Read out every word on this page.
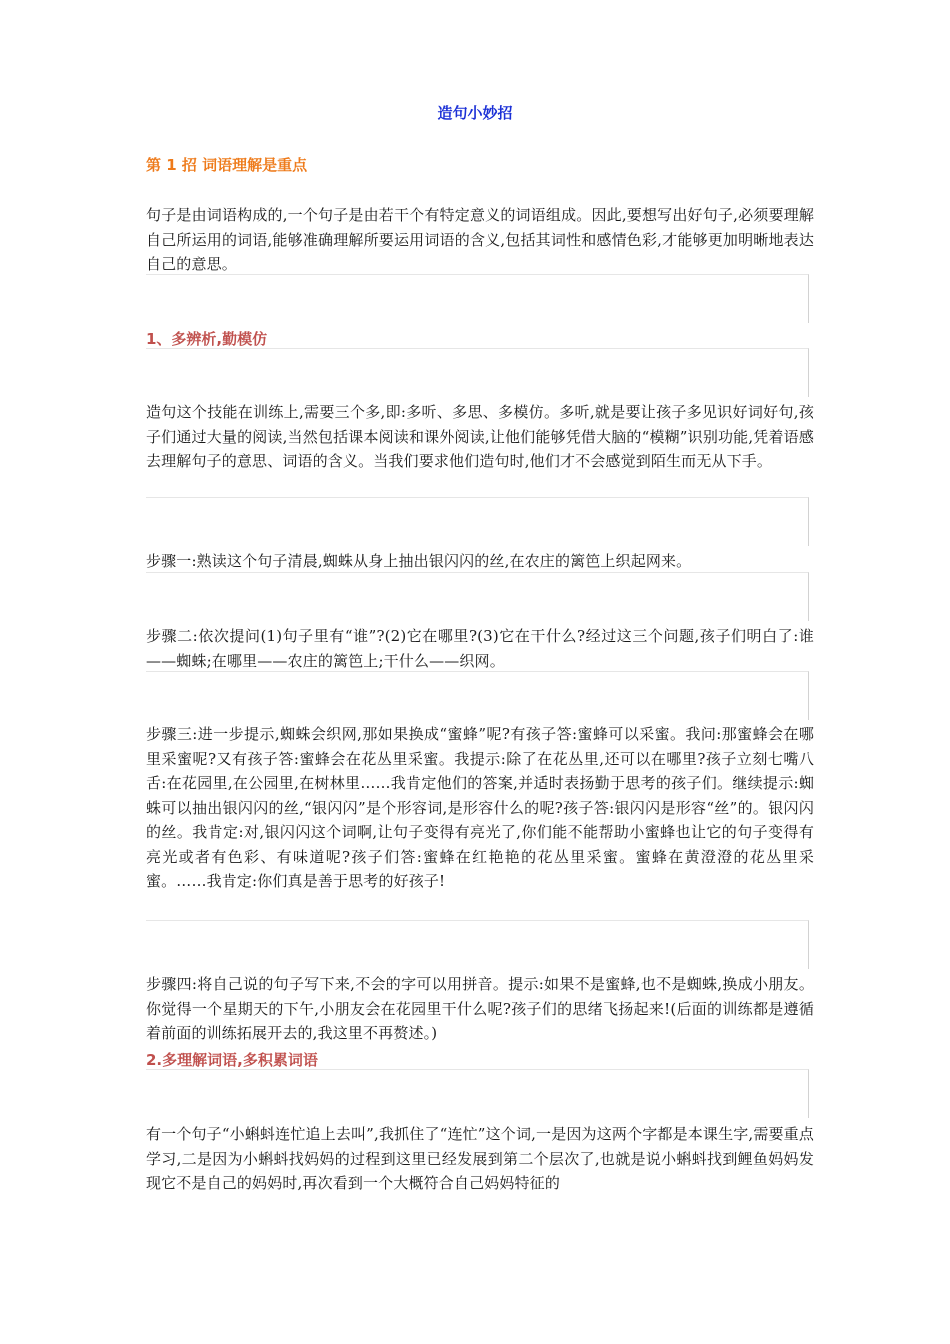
造句小妙招
第 1 招 词语理解是重点

句子是由词语构成的,一个句子是由若干个有特定意义的词语组成。因此,要想写出好句子,必须要理解自己所运用的词语,能够准确理解所要运用词语的含义,包括其词性和感情色彩,才能够更加明晰地表达自己的意思。

1、多辨析,勤模仿

造句这个技能在训练上,需要三个多,即:多听、多思、多模仿。多听,就是要让孩子多见识好词好句,孩子们通过大量的阅读,当然包括课本阅读和课外阅读,让他们能够凭借大脑的“模糊”识别功能,凭着语感去理解句子的意思、词语的含义。当我们要求他们造句时,他们才不会感觉到陌生而无从下手。

步骤一:熟读这个句子清晨,蜘蛛从身上抽出银闪闪的丝,在农庄的篱笆上织起网来。

步骤二:依次提问(1)句子里有“谁”?(2)它在哪里?(3)它在干什么?经过这三个问题,孩子们明白了:谁——蜘蛛;在哪里——农庄的篱笆上;干什么——织网。

步骤三:进一步提示,蜘蛛会织网,那如果换成“蜜蜂”呢?有孩子答:蜜蜂可以采蜜。我问:那蜜蜂会在哪里采蜜呢?又有孩子答:蜜蜂会在花丛里采蜜。我提示:除了在花丛里,还可以在哪里?孩子立刻七嘴八舌:在花园里,在公园里,在树林里……我肯定他们的答案,并适时表扬勤于思考的孩子们。继续提示:蜘蛛可以抽出银闪闪的丝,“银闪闪”是个形容词,是形容什么的呢?孩子答:银闪闪是形容“丝”的。银闪闪的丝。我肯定:对,银闪闪这个词啊,让句子变得有亮光了,你们能不能帮助小蜜蜂也让它的句子变得有亮光或者有色彩、有味道呢?孩子们答:蜜蜂在红艳艳的花丛里采蜜。蜜蜂在黄澄澄的花丛里采蜜。……我肯定:你们真是善于思考的好孩子!

步骤四:将自己说的句子写下来,不会的字可以用拼音。提示:如果不是蜜蜂,也不是蜘蛛,换成小朋友。你觉得一个星期天的下午,小朋友会在花园里干什么呢?孩子们的思绪飞扬起来!(后面的训练都是遵循着前面的训练拓展开去的,我这里不再赘述。)

2.多理解词语,多积累词语

有一个句子“小蝌蚪连忙追上去叫”,我抓住了“连忙”这个词,一是因为这两个字都是本课生字,需要重点学习,二是因为小蝌蚪找妈妈的过程到这里已经发展到第二个层次了,也就是说小蝌蚪找到鲤鱼妈妈发现它不是自己的妈妈时,再次看到一个大概符合自己妈妈特征的
